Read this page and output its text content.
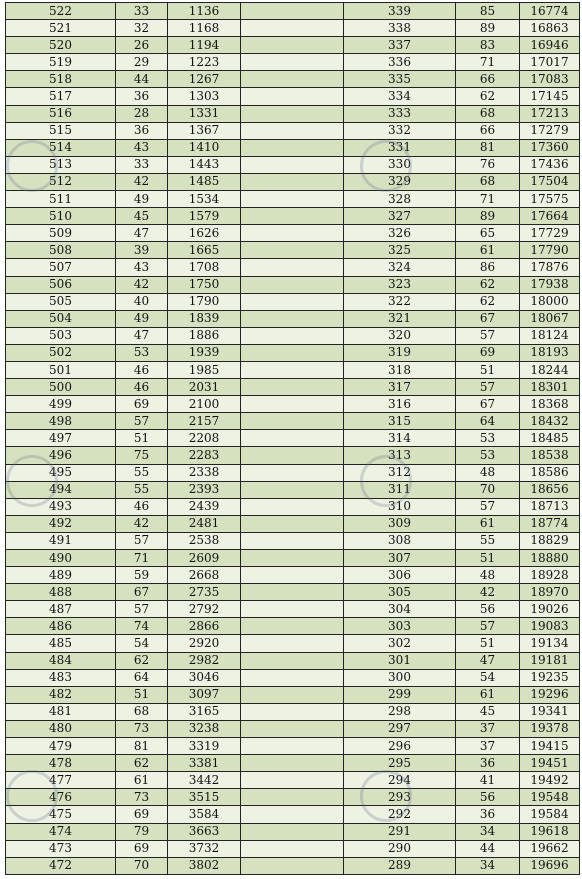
522	33	1136		339	85	16774
521	32	1168		338	89	16863
520	26	1194		337	83	16946
519	29	1223		336	71	17017
518	44	1267		335	66	17083
517	36	1303		334	62	17145
516	28	1331		333	68	17213
515	36	1367		332	66	17279
514	43	1410		331	81	17360
513	33	1443		330	76	17436
512	42	1485		329	68	17504
511	49	1534		328	71	17575
510	45	1579		327	89	17664
509	47	1626		326	65	17729
508	39	1665		325	61	17790
507	43	1708		324	86	17876
506	42	1750		323	62	17938
505	40	1790		322	62	18000
504	49	1839		321	67	18067
503	47	1886		320	57	18124
502	53	1939		319	69	18193
501	46	1985		318	51	18244
500	46	2031		317	57	18301
499	69	2100		316	67	18368
498	57	2157		315	64	18432
497	51	2208		314	53	18485
496	75	2283		313	53	18538
495	55	2338		312	48	18586
494	55	2393		311	70	18656
493	46	2439		310	57	18713
492	42	2481		309	61	18774
491	57	2538		308	55	18829
490	71	2609		307	51	18880
489	59	2668		306	48	18928
488	67	2735		305	42	18970
487	57	2792		304	56	19026
486	74	2866		303	57	19083
485	54	2920		302	51	19134
484	62	2982		301	47	19181
483	64	3046		300	54	19235
482	51	3097		299	61	19296
481	68	3165		298	45	19341
480	73	3238		297	37	19378
479	81	3319		296	37	19415
478	62	3381		295	36	19451
477	61	3442		294	41	19492
476	73	3515		293	56	19548
475	69	3584		292	36	19584
474	79	3663		291	34	19618
473	69	3732		290	44	19662
472	70	3802		289	34	19696
